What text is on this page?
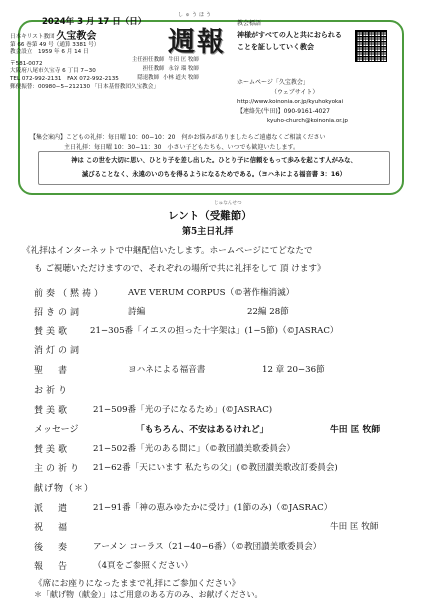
2024年 3 月 17 日（日）
しゅうほう
週報
日本キリスト教団 久宝教会
第 66 巻第 49 号（通算 3381 号）
教会設立　1959 年 6 月 14 日
〒581-0072
大阪府八尾市久宝寺 6 丁目 7−30
TEL 072-992-2131　FAX 072-992-2135
郵便振替：00980−5−212130 「日本基督教団久宝教会」
主任担任教師 牛田 匡 牧師
担任教師 永谷 瑠 牧師
隠退教師 小林 道夫 牧師
教会標語
神様がすべての人と共におられる
ことを証ししていく教会
ホームページ「久宝教会」
（ウェブサイト）
http://www.koinonia.or.jp/kyuhokyokai
【連絡先(牛田)】090-9161-4027
kyuho-church@koinonia.or.jp
【集会案内】こどもの礼拝：毎日曜 10：00−10：20　何かお悩みがありましたらご遠慮なくご相談ください
主日礼拝：毎日曜 10：30−11：30　小さい子どもたちも、いつでも歓迎いたします。
神は この世を大切に思い、ひとり子を差し出した。ひとり子に信頼をもって歩みを起こす人がみな、
滅びることなく、永遠のいのちを得るようになるためである。（ヨハネによる福音書 3：16）
じゅなんせつ
レント（受難節）
第5主日礼拝
《礼拝はインターネットで中継配信いたします。ホームページにてどなたで
も ご視聴いただけますので、それぞれの場所で共に礼拝をして 頂 けます》
前奏（黙祷）	AVE VERUM CORPUS（©著作権消滅）
招きの詞	詩編	22編 28節
賛美歌 21−305番「イエスの担った十字架は」(1−5節)（©JASRAC）
消灯の詞
聖　書	ヨハネによる福音書	12 章 20−36節
お祈り
賛美歌	21−509番「光の子になるため」(©JASRAC)
メッセージ	「もちろん、不安はあるけれど」	牛田 匡 牧師
賛美歌	21−502番「光のある間に」（©教団讃美歌委員会）
主の祈り 21−62番「天にいます 私たちの父」(©教団讃美歌改訂委員会)
献げ物（＊）
派　遣	21−91番「神の恵みゆたかに受け」(1節のみ)（©JASRAC）
祝　福	牛田 匡 牧師
後　奏	アーメン コーラス（21−40−6番）（©教団讃美歌委員会）
報　告	（4頁をご参照ください）
《席にお座りになったままで礼拝にご参加ください》
＊「献げ物（献金）」はご用意のある方のみ、お献げください。
